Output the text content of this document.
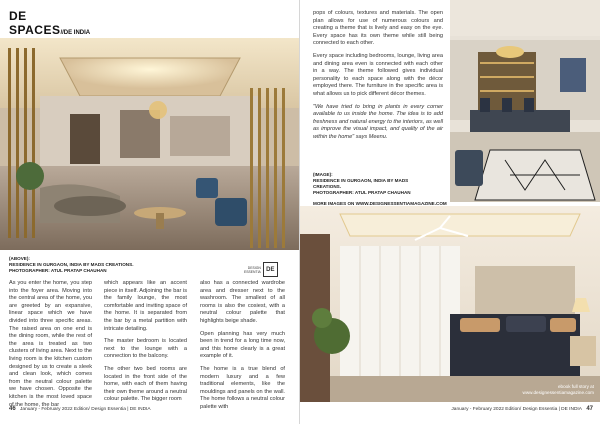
DE
SPACES//DE INDIA
(ABOVE):
RESIDENCE IN GURGAON, INDIA BY MADS CREATIONS.
PHOTOGRAPHER: ATUL PRATAP CHAUHAN
DESIGN
ESSENTIA DE

As you enter the home, you step into the foyer area. Moving into the central area of the home, you are greeted by an expansive, linear space which we have divided into three specific areas. The raised area on one end is the dining room, while the rest of the area is treated as two clusters of living area. Next to the living room is the kitchen custom designed by us to create a sleek and clean look, which comes from the neutral colour palette we have chosen. Opposite the kitchen is the most loved space of the home, the bar

which appears like an accent piece in itself. Adjoining the bar is the family lounge, the most comfortable and inviting space of the home. It is separated from the bar by a metal partition with intricate detailing.

The master bedroom is located next to the lounge with a connection to the balcony.

The other two bed rooms are located in the front side of the home, with each of them having their own theme around a neutral colour palette. The bigger room

also has a connected wardrobe area and dresser next to the washroom. The smallest of all rooms is also the cosiest, with a neutral colour palette that highlights beige shade.

Open planning has very much been in trend for a long time now, and this home clearly is a great example of it.

The home is a true blend of modern luxury and a few traditional elements, like the mouldings and panels on the wall. The home follows a neutral colour palette with

pops of colours, textures and materials. The open plan allows for use of numerous colours and creating a theme that is lively and easy on the eye. Every space has its own theme while still being connected to each other.

Every space including bedrooms, lounge, living area and dining area even is connected with each other in a way. The theme followed gives individual personality to each space along with the décor employed there. The furniture in the specific area is what allows us to pick different décor themes.

"We have tried to bring in plants in every corner available to us inside the home. The idea is to add freshness and natural energy to the interiors, as well as improve the visual impact, and quality of the air within the home" says Meenu.

(IMAGE):
RESIDENCE IN GURGAON, INDIA BY MADS
CREATIONS.
PHOTOGRAPHER: ATUL PRATAP CHAUHAN
MORE IMAGES ON WWW.DESIGNESSENTIAMAGAZINE.COM
ebook full story at
www.designessentiamagazine.com
46 January - February 2022 Edition/ Design Essentia | DE INDIA	January - February 2022 Edition/ Design Essentia | DE INDIA 47
